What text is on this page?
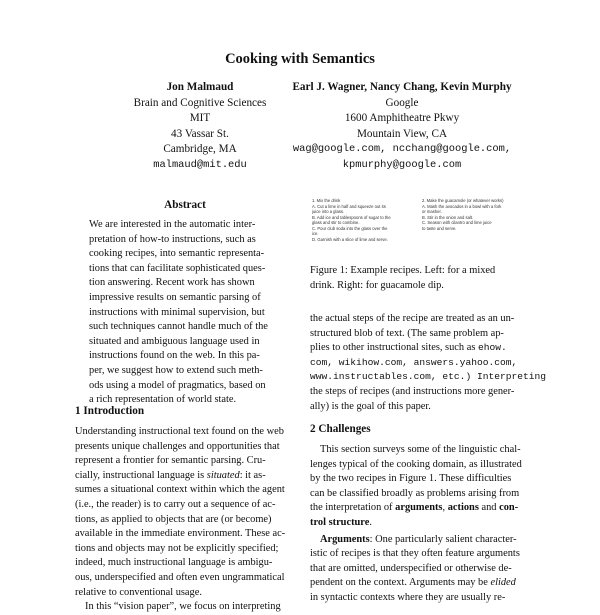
Cooking with Semantics
Jon Malmaud
Brain and Cognitive Sciences
MIT
43 Vassar St.
Cambridge, MA
malmaud@mit.edu
Earl J. Wagner, Nancy Chang, Kevin Murphy
Google
1600 Amphitheatre Pkwy
Mountain View, CA
wag@google.com, ncchang@google.com,
kpmurphy@google.com
Abstract
We are interested in the automatic inter-
pretation of how-to instructions, such as
cooking recipes, into semantic representa-
tions that can facilitate sophisticated ques-
tion answering. Recent work has shown
impressive results on semantic parsing of
instructions with minimal supervision, but
such techniques cannot handle much of the
situated and ambiguous language used in
instructions found on the web. In this pa-
per, we suggest how to extend such meth-
ods using a model of pragmatics, based on
a rich representation of world state.
1 Introduction
Understanding instructional text found on the web
presents unique challenges and opportunities that
represent a frontier for semantic parsing. Cru-
cially, instructional language is situated: it as-
sumes a situational context within which the agent
(i.e., the reader) is to carry out a sequence of ac-
tions, as applied to objects that are (or become)
available in the immediate environment. These ac-
tions and objects may not be explicitly specified;
indeed, much instructional language is ambigu-
ous, underspecified and often even ungrammatical
relative to conventional usage.
In this “vision paper”, we focus on interpreting
1. Mix the drink
A. Cut a lime in half and squeeze out its
juice into a glass.
B. Add ice and tablespoons of sugar to the
glass and stir to combine.
C. Pour club soda into the glass over the
ice.
D. Garnish with a slice of lime and serve.
2. Make the guacamole (or whatever works)
A. Mash the avocados in a bowl with a fork
or masher.
B. Stir in the onion and salt.
C. Season with cilantro and lime juice
to taste and serve.
Figure 1: Example recipes. Left: for a mixed
drink. Right: for guacamole dip.
the actual steps of the recipe are treated as an un-
structured blob of text. (The same problem ap-
plies to other instructional sites, such as ehow.
com, wikihow.com, answers.yahoo.com,
www.instructables.com, etc.) Interpreting
the steps of recipes (and instructions more gener-
ally) is the goal of this paper.
2 Challenges
This section surveys some of the linguistic chal-
lenges typical of the cooking domain, as illustrated
by the two recipes in Figure 1. These difficulties
can be classified broadly as problems arising from
the interpretation of arguments, actions and con-
trol structure.
Arguments: One particularly salient character-
istic of recipes is that they often feature arguments
that are omitted, underspecified or otherwise de-
pendent on the context. Arguments may be elided
in syntactic contexts where they are usually re-
